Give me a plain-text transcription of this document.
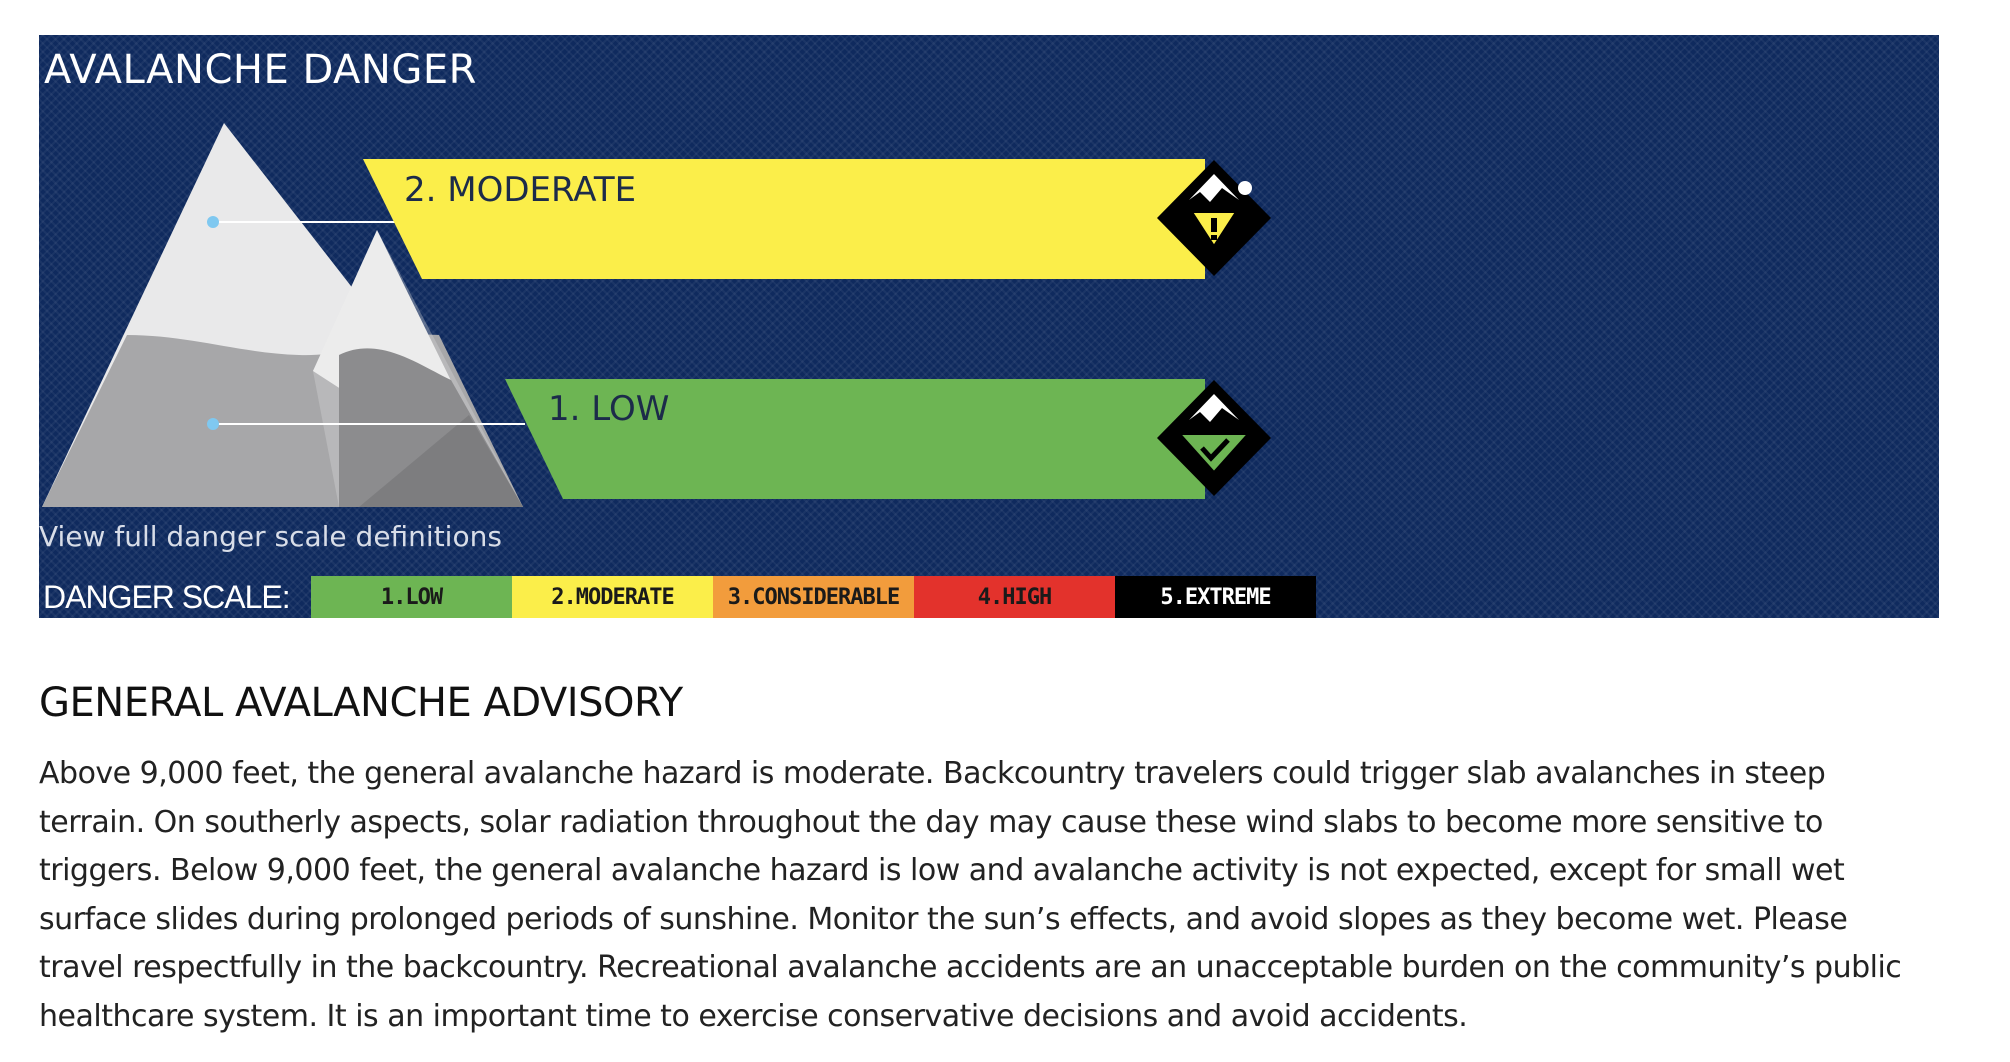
AVALANCHE DANGER
2. MODERATE
1. LOW
View full danger scale definitions
DANGER SCALE:	1.LOW	2.MODERATE	3.CONSIDERABLE	4.HIGH	5.EXTREME
GENERAL AVALANCHE ADVISORY

Above 9,000 feet, the general avalanche hazard is moderate. Backcountry travelers could trigger slab avalanches in steep terrain. On southerly aspects, solar radiation throughout the day may cause these wind slabs to become more sensitive to triggers. Below 9,000 feet, the general avalanche hazard is low and avalanche activity is not expected, except for small wet surface slides during prolonged periods of sunshine. Monitor the sun’s effects, and avoid slopes as they become wet. Please travel respectfully in the backcountry. Recreational avalanche accidents are an unacceptable burden on the community’s public healthcare system. It is an important time to exercise conservative decisions and avoid accidents.
